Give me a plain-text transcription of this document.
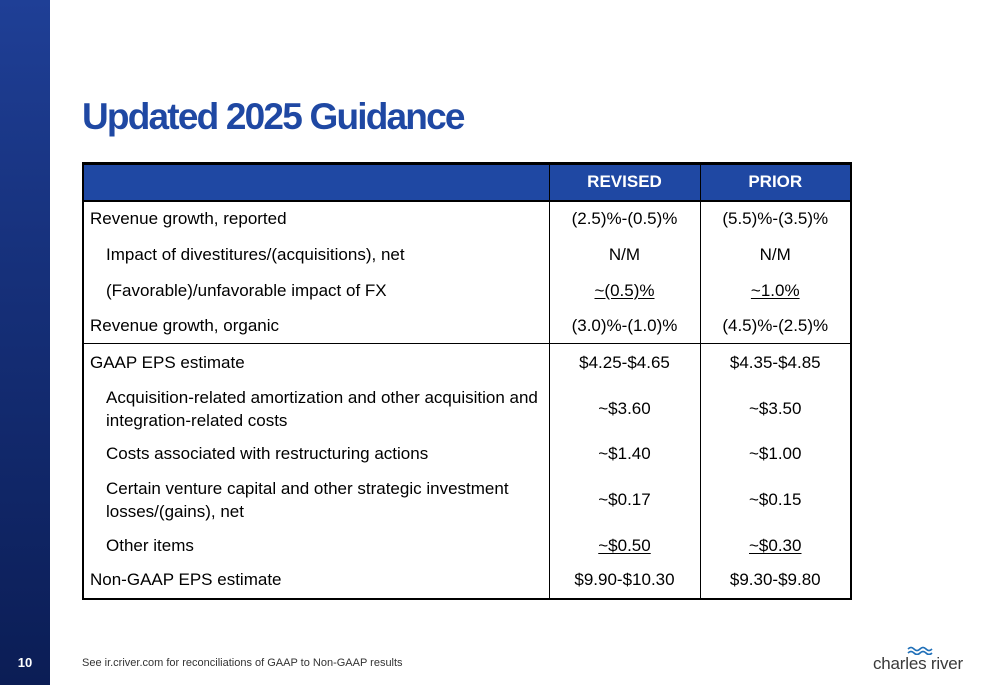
10
Updated 2025 Guidance
	REVISED	PRIOR
Revenue growth, reported	(2.5)%-(0.5)%	(5.5)%-(3.5)%
Impact of divestitures/(acquisitions), net	N/M	N/M
(Favorable)/unfavorable impact of FX	~(0.5)%	~1.0%
Revenue growth, organic	(3.0)%-(1.0)%	(4.5)%-(2.5)%
GAAP EPS estimate	$4.25-$4.65	$4.35-$4.85
Acquisition-related amortization and other acquisition and
integration-related costs	~$3.60	~$3.50
Costs associated with restructuring actions	~$1.40	~$1.00
Certain venture capital and other strategic investment
losses/(gains), net	~$0.17	~$0.15
Other items	~$0.50	~$0.30
Non-GAAP EPS estimate	$9.90-$10.30	$9.30-$9.80
See ir.criver.com for reconciliations of GAAP to Non-GAAP results	charles river
